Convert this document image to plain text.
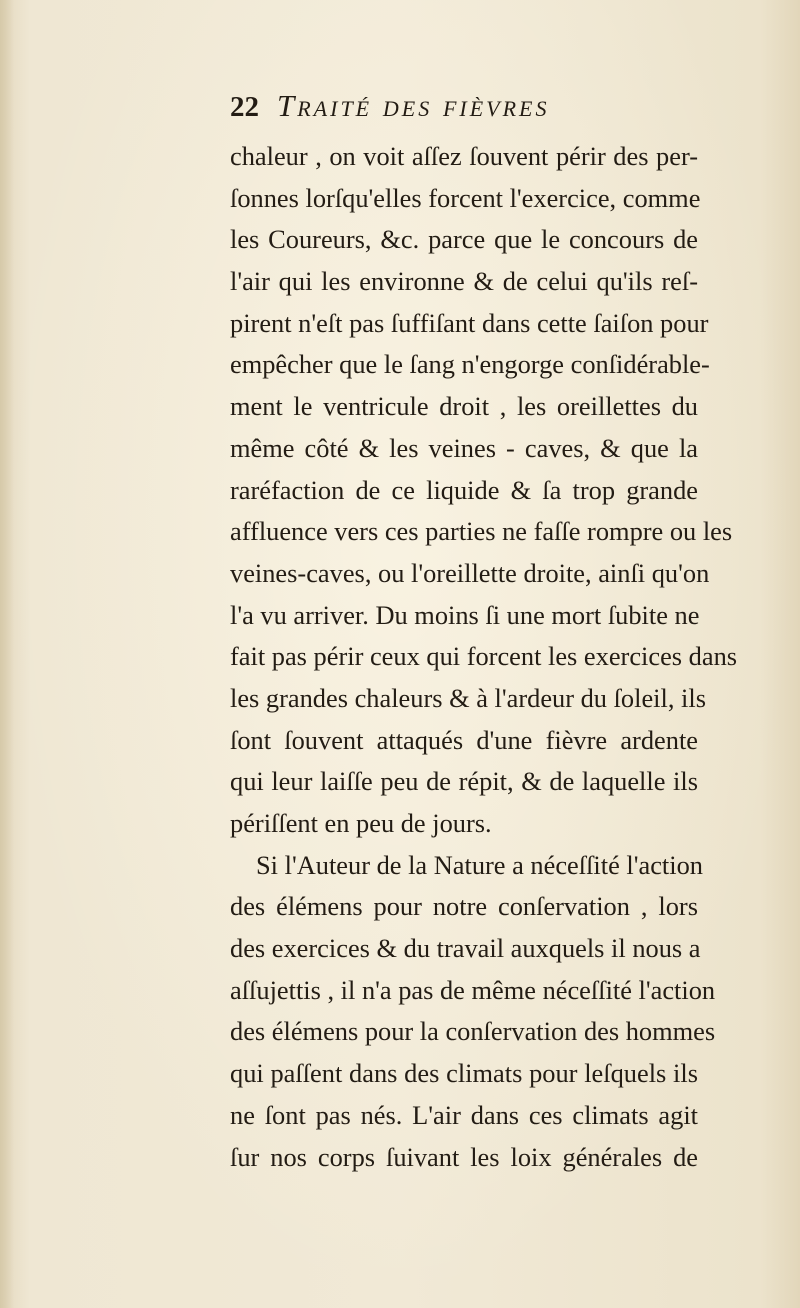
22 Traité des fièvres
chaleur , on voit aſſez ſouvent périr des per-
ſonnes lorſqu'elles forcent l'exercice, comme
les Coureurs, &c. parce que le concours de
l'air qui les environne & de celui qu'ils reſ-
pirent n'eſt pas ſuffiſant dans cette ſaiſon pour
empêcher que le ſang n'engorge conſidérable-
ment le ventricule droit , les oreillettes du
même côté & les veines - caves, & que la
raréfaction de ce liquide & ſa trop grande
affluence vers ces parties ne faſſe rompre ou les
veines-caves, ou l'oreillette droite, ainſi qu'on
l'a vu arriver. Du moins ſi une mort ſubite ne
fait pas périr ceux qui forcent les exercices dans
les grandes chaleurs & à l'ardeur du ſoleil, ils
ſont ſouvent attaqués d'une fièvre ardente
qui leur laiſſe peu de répit, & de laquelle ils
périſſent en peu de jours.
Si l'Auteur de la Nature a néceſſité l'action
des élémens pour notre conſervation , lors
des exercices & du travail auxquels il nous a
aſſujettis , il n'a pas de même néceſſité l'action
des élémens pour la conſervation des hommes
qui paſſent dans des climats pour leſquels ils
ne ſont pas nés. L'air dans ces climats agit
ſur nos corps ſuivant les loix générales de
